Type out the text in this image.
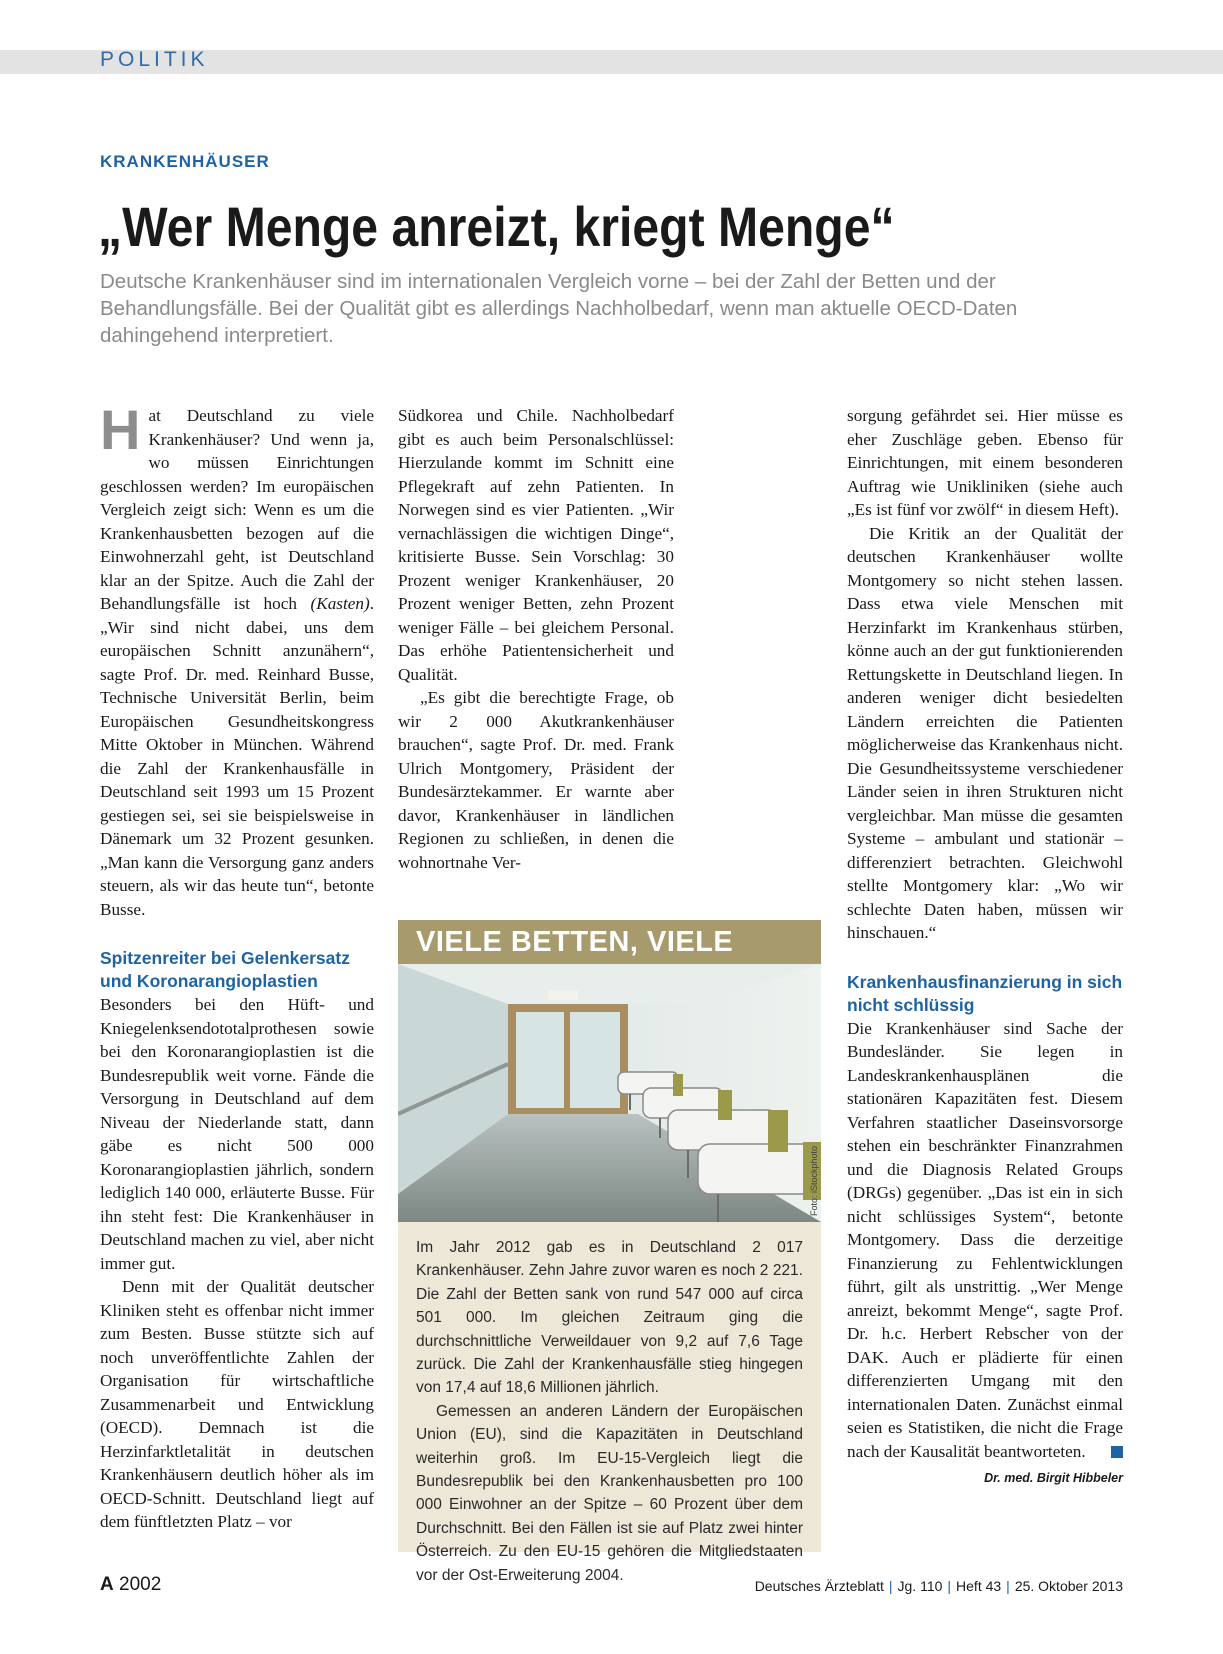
POLITIK
KRANKENHÄUSER
„Wer Menge anreizt, kriegt Menge“

Deutsche Krankenhäuser sind im internationalen Vergleich vorne – bei der Zahl der Betten und der Behandlungsfälle. Bei der Qualität gibt es allerdings Nachholbedarf, wenn man aktuelle OECD-Daten dahingehend interpretiert.

Hat Deutschland zu viele Krankenhäuser? Und wenn ja, wo müssen Einrichtungen geschlossen werden? Im europäischen Vergleich zeigt sich: Wenn es um die Krankenhausbetten bezogen auf die Einwohnerzahl geht, ist Deutschland klar an der Spitze. Auch die Zahl der Behandlungsfälle ist hoch (Kasten). „Wir sind nicht dabei, uns dem europäischen Schnitt anzunähern“, sagte Prof. Dr. med. Reinhard Busse, Technische Universität Berlin, beim Europäischen Gesundheitskongress Mitte Oktober in München. Während die Zahl der Krankenhausfälle in Deutschland seit 1993 um 15 Prozent gestiegen sei, sei sie beispielsweise in Dänemark um 32 Prozent gesunken. „Man kann die Versorgung ganz anders steuern, als wir das heute tun“, betonte Busse.

Spitzenreiter bei Gelenkersatz und Koronarangioplastien

Besonders bei den Hüft- und Kniegelenksendototalprothesen sowie bei den Koronarangioplastien ist die Bundesrepublik weit vorne. Fände die Versorgung in Deutschland auf dem Niveau der Niederlande statt, dann gäbe es nicht 500 000 Koronarangioplastien jährlich, sondern lediglich 140 000, erläuterte Busse. Für ihn steht fest: Die Krankenhäuser in Deutschland machen zu viel, aber nicht immer gut.

Denn mit der Qualität deutscher Kliniken steht es offenbar nicht immer zum Besten. Busse stützte sich auf noch unveröffentlichte Zahlen der Organisation für wirtschaftliche Zusammenarbeit und Entwicklung (OECD). Demnach ist die Herzinfarktletalität in deutschen Krankenhäusern deutlich höher als im OECD-Schnitt. Deutschland liegt auf dem fünftletzten Platz – vor

Südkorea und Chile. Nachholbedarf gibt es auch beim Personalschlüssel: Hierzulande kommt im Schnitt eine Pflegekraft auf zehn Patienten. In Norwegen sind es vier Patienten. „Wir vernachlässigen die wichtigen Dinge“, kritisierte Busse. Sein Vorschlag: 30 Prozent weniger Krankenhäuser, 20 Prozent weniger Betten, zehn Prozent weniger Fälle – bei gleichem Personal. Das erhöhe Patientensicherheit und Qualität.

„Es gibt die berechtigte Frage, ob wir 2 000 Akutkrankenhäuser brauchen“, sagte Prof. Dr. med. Frank Ulrich Montgomery, Präsident der Bundesärztekammer. Er warnte aber davor, Krankenhäuser in ländlichen Regionen zu schließen, in denen die wohnortnahe Ver-

sorgung gefährdet sei. Hier müsse es eher Zuschläge geben. Ebenso für Einrichtungen, mit einem besonderen Auftrag wie Unikliniken (siehe auch „Es ist fünf vor zwölf“ in diesem Heft).

Die Kritik an der Qualität der deutschen Krankenhäuser wollte Montgomery so nicht stehen lassen. Dass etwa viele Menschen mit Herzinfarkt im Krankenhaus stürben, könne auch an der gut funktionierenden Rettungskette in Deutschland liegen. In anderen weniger dicht besiedelten Ländern erreichten die Patienten möglicherweise das Krankenhaus nicht. Die Gesundheitssysteme verschiedener Länder seien in ihren Strukturen nicht vergleichbar. Man müsse die gesamten Systeme – ambulant und stationär – differenziert betrachten. Gleichwohl stellte Montgomery klar: „Wo wir schlechte Daten haben, müssen wir hinschauen.“

Krankenhausfinanzierung in sich nicht schlüssig

Die Krankenhäuser sind Sache der Bundesländer. Sie legen in Landeskrankenhausplänen die stationären Kapazitäten fest. Diesem Verfahren staatlicher Daseinsvorsorge stehen ein beschränkter Finanzrahmen und die Diagnosis Related Groups (DRGs) gegenüber. „Das ist ein in sich nicht schlüssiges System“, betonte Montgomery. Dass die derzeitige Finanzierung zu Fehlentwicklungen führt, gilt als unstrittig. „Wer Menge anreizt, bekommt Menge“, sagte Prof. Dr. h.c. Herbert Rebscher von der DAK. Auch er plädierte für einen differenzierten Umgang mit den internationalen Daten. Zunächst einmal seien es Statistiken, die nicht die Frage nach der Kausalität beantworteten.

Dr. med. Birgit Hibbeler
VIELE BETTEN, VIELE
Foto: iStockphoto

Im Jahr 2012 gab es in Deutschland 2 017 Krankenhäuser. Zehn Jahre zuvor waren es noch 2 221. Die Zahl der Betten sank von rund 547 000 auf circa 501 000. Im gleichen Zeitraum ging die durchschnittliche Verweildauer von 9,2 auf 7,6 Tage zurück. Die Zahl der Krankenhausfälle stieg hingegen von 17,4 auf 18,6 Millionen jährlich.

Gemessen an anderen Ländern der Europäischen Union (EU), sind die Kapazitäten in Deutschland weiterhin groß. Im EU-15-Vergleich liegt die Bundesrepublik bei den Krankenhausbetten pro 100 000 Einwohner an der Spitze – 60 Prozent über dem Durchschnitt. Bei den Fällen ist sie auf Platz zwei hinter Österreich. Zu den EU-15 gehören die Mitgliedstaaten vor der Ost-Erweiterung 2004.

A 2002	Deutsches Ärzteblatt | Jg. 110 | Heft 43 | 25. Oktober 2013
